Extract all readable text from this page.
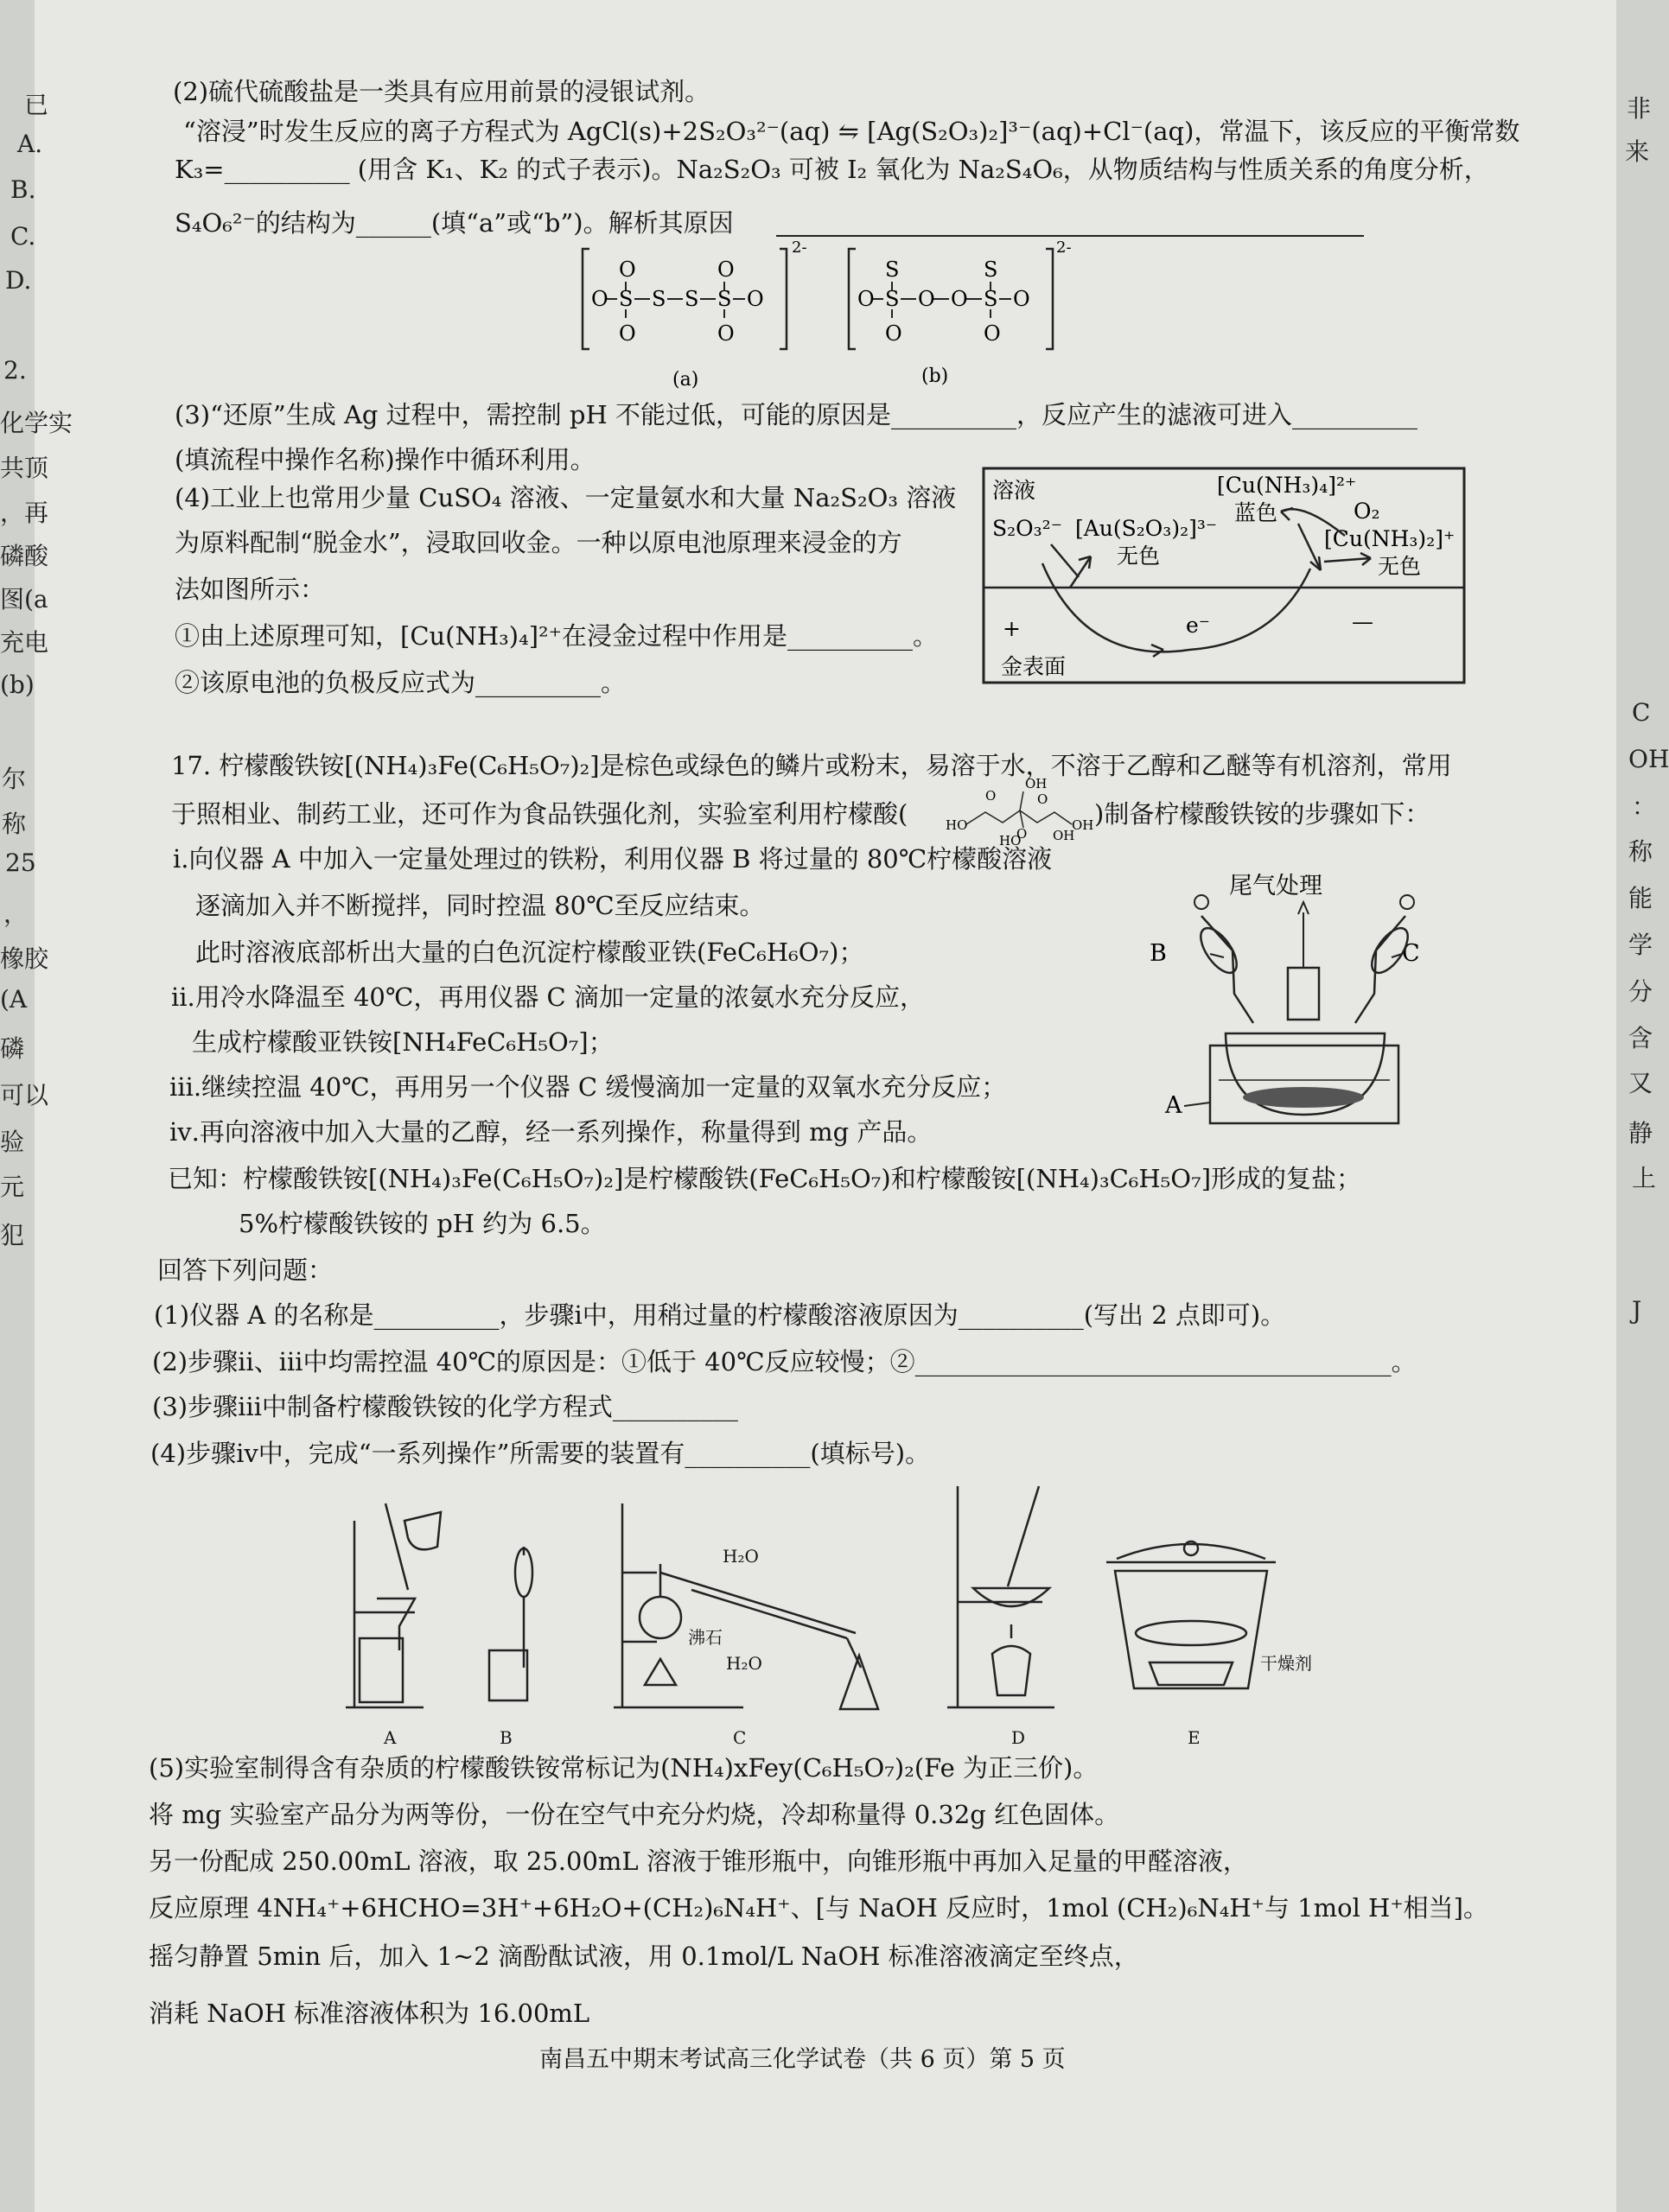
已
A.
B.
C.
D.
2.
化学实
共顶
，再
磷酸
图(a
充电
(b)
尔
称
25
，
橡胶
(A
磷
可以
验
元
犯
非
来
C
OH
：
称
能
学
分
含
又
静
上
J
(2)硫代硫酸盐是一类具有应用前景的浸银试剂。
“溶浸”时发生反应的离子方程式为 AgCl(s)+2S₂O₃²⁻(aq) ⇋ [Ag(S₂O₃)₂]³⁻(aq)+Cl⁻(aq)，常温下，该反应的平衡常数
K₃=__________ (用含 K₁、K₂ 的式子表示)。Na₂S₂O₃ 可被 I₂ 氧化为 Na₂S₄O₆，从物质结构与性质关系的角度分析，
S₄O₆²⁻的结构为______(填“a”或“b”)。解析其原因
2-
O S
O
O
S S S
O
O
O
(a)
2-
O S
S
O
O O S
S
O
O
(b)
(3)“还原”生成 Ag 过程中，需控制 pH 不能过低，可能的原因是__________，反应产生的滤液可进入__________
(填流程中操作名称)操作中循环利用。
(4)工业上也常用少量 CuSO₄ 溶液、一定量氨水和大量 Na₂S₂O₃ 溶液
为原料配制“脱金水”，浸取回收金。一种以原电池原理来浸金的方
法如图所示：
①由上述原理可知，[Cu(NH₃)₄]²⁺在浸金过程中作用是__________。
②该原电池的负极反应式为__________。
溶液
S₂O₃²⁻ [Au(S₂O₃)₂]³⁻
无色
[Cu(NH₃)₄]²⁺
蓝色	O₂
[Cu(NH₃)₂]⁺
无色
+	e⁻	—
金表面
17. 柠檬酸铁铵[(NH₄)₃Fe(C₆H₅O₇)₂]是棕色或绿色的鳞片或粉末，易溶于水，不溶于乙醇和乙醚等有机溶剂，常用
于照相业、制药工业，还可作为食品铁强化剂，实验室利用柠檬酸(	HO
O
OH
O
OH
HO
O OH
)制备柠檬酸铁铵的步骤如下：
ⅰ.向仪器 A 中加入一定量处理过的铁粉，利用仪器 B 将过量的 80℃柠檬酸溶液
逐滴加入并不断搅拌，同时控温 80℃至反应结束。
此时溶液底部析出大量的白色沉淀柠檬酸亚铁(FeC₆H₆O₇)；
ⅱ.用冷水降温至 40℃，再用仪器 C 滴加一定量的浓氨水充分反应，
生成柠檬酸亚铁铵[NH₄FeC₆H₅O₇]；
ⅲ.继续控温 40℃，再用另一个仪器 C 缓慢滴加一定量的双氧水充分反应；
ⅳ.再向溶液中加入大量的乙醇，经一系列操作，称量得到 mg 产品。
尾气处理
B	C
A
已知：柠檬酸铁铵[(NH₄)₃Fe(C₆H₅O₇)₂]是柠檬酸铁(FeC₆H₅O₇)和柠檬酸铵[(NH₄)₃C₆H₅O₇]形成的复盐；
5%柠檬酸铁铵的 pH 约为 6.5。
回答下列问题：
(1)仪器 A 的名称是__________，步骤ⅰ中，用稍过量的柠檬酸溶液原因为__________(写出 2 点即可)。
(2)步骤ⅱ、ⅲ中均需控温 40℃的原因是：①低于 40℃反应较慢；②______________________________________。
(3)步骤ⅲ中制备柠檬酸铁铵的化学方程式__________
(4)步骤ⅳ中，完成“一系列操作”所需要的装置有__________(填标号)。
H₂O
H₂O
沸石
干燥剂
A	B	C	D	E
(5)实验室制得含有杂质的柠檬酸铁铵常标记为(NH₄)xFey(C₆H₅O₇)₂(Fe 为正三价)。
将 mg 实验室产品分为两等份，一份在空气中充分灼烧，冷却称量得 0.32g 红色固体。
另一份配成 250.00mL 溶液，取 25.00mL 溶液于锥形瓶中，向锥形瓶中再加入足量的甲醛溶液，
反应原理 4NH₄⁺+6HCHO=3H⁺+6H₂O+(CH₂)₆N₄H⁺、[与 NaOH 反应时，1mol (CH₂)₆N₄H⁺与 1mol H⁺相当]。
摇匀静置 5min 后，加入 1~2 滴酚酞试液，用 0.1mol/L NaOH 标准溶液滴定至终点，
消耗 NaOH 标准溶液体积为 16.00mL
南昌五中期末考试高三化学试卷（共 6 页）第 5 页
